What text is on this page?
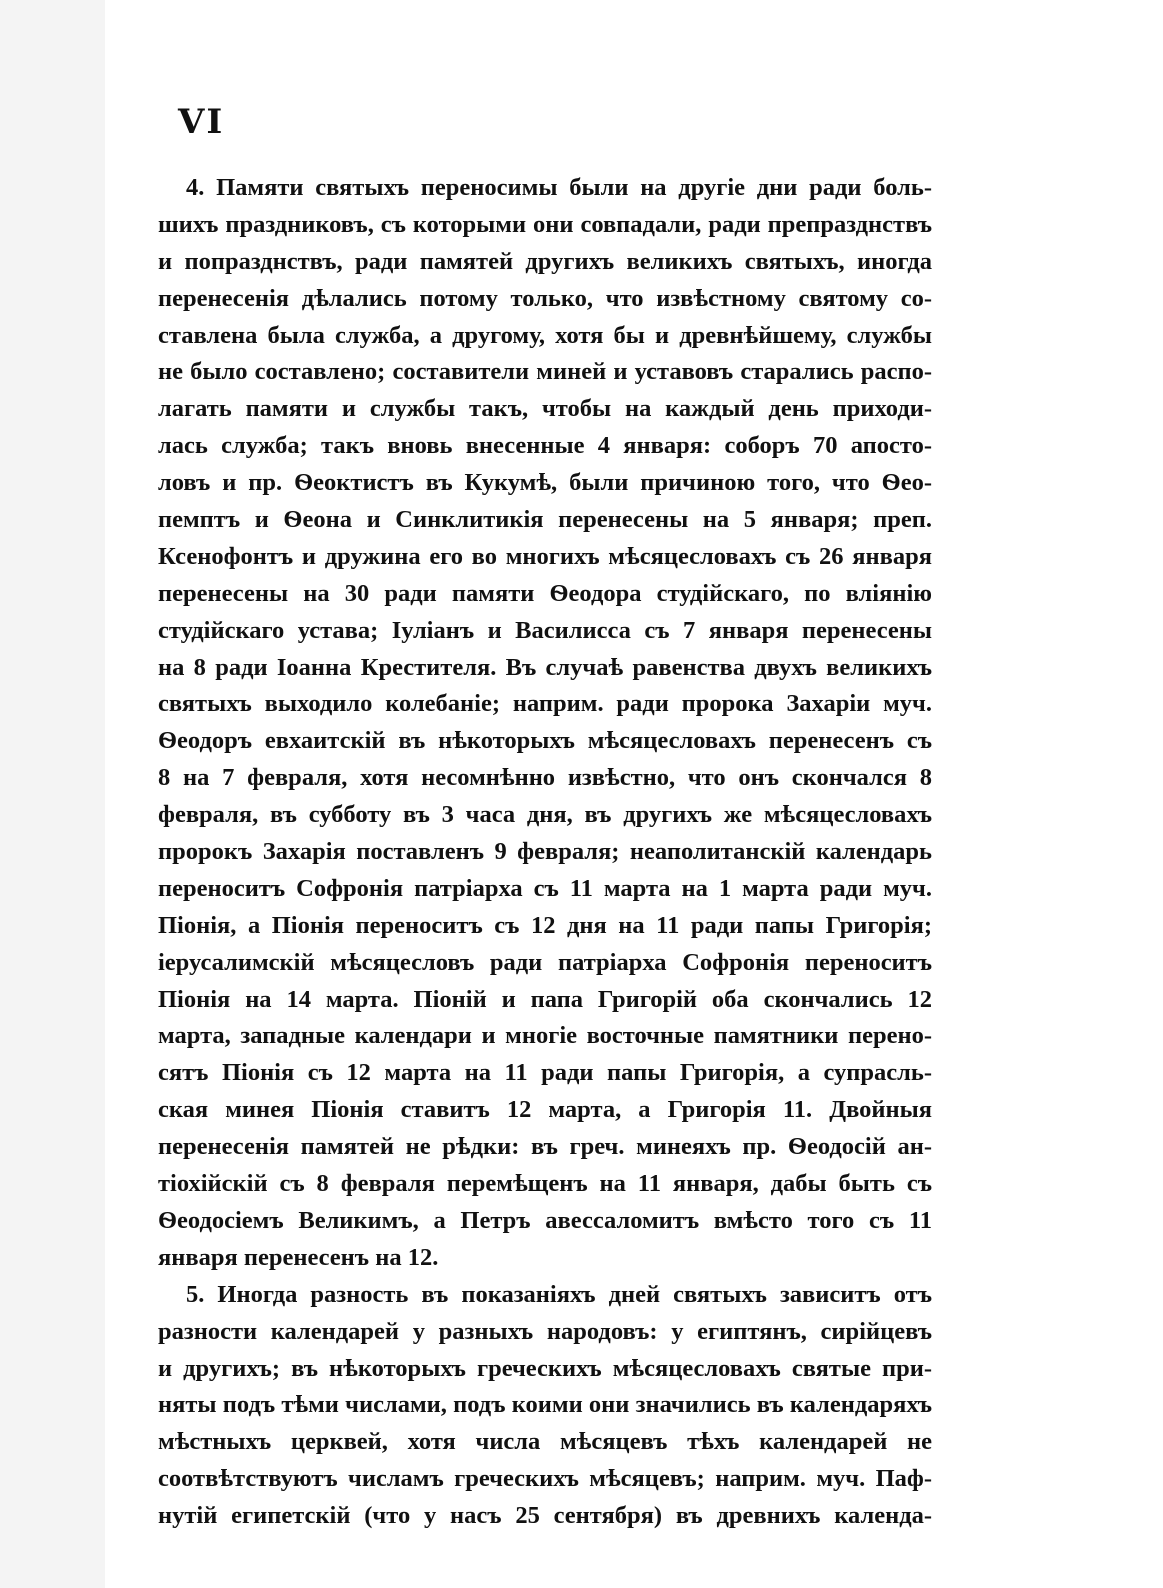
VI
4. Памяти святыхъ переносимы были на другіе дни ради боль-
шихъ праздниковъ, съ которыми они совпадали, ради препразднствъ
и попразднствъ, ради памятей другихъ великихъ святыхъ, иногда
перенесенія дѣлались потому только, что извѣстному святому со-
ставлена была служба, а другому, хотя бы и древнѣйшему, службы
не было составлено; составители миней и уставовъ старались распо-
лагать памяти и службы такъ, чтобы на каждый день приходи-
лась служба; такъ вновь внесенные 4 января: соборъ 70 апосто-
ловъ и пр. Ѳеоктистъ въ Кукумѣ, были причиною того, что Ѳео-
пемптъ и Ѳеона и Синклитикія перенесены на 5 января; преп.
Ксенофонтъ и дружина его во многихъ мѣсяцесловахъ съ 26 января
перенесены на 30 ради памяти Ѳеодора студійскаго, по вліянію
студійскаго устава; Іуліанъ и Василисса съ 7 января перенесены
на 8 ради Іоанна Крестителя. Въ случаѣ равенства двухъ великихъ
святыхъ выходило колебаніе; наприм. ради пророка Захаріи муч.
Ѳеодоръ евхаитскій въ нѣкоторыхъ мѣсяцесловахъ перенесенъ съ
8 на 7 февраля, хотя несомнѣнно извѣстно, что онъ скончался 8
февраля, въ субботу въ 3 часа дня, въ другихъ же мѣсяцесловахъ
пророкъ Захарія поставленъ 9 февраля; неаполитанскій календарь
переноситъ Софронія патріарха съ 11 марта на 1 марта ради муч.
Піонія, а Піонія переноситъ съ 12 дня на 11 ради папы Григорія;
іерусалимскій мѣсяцесловъ ради патріарха Софронія переноситъ
Піонія на 14 марта. Піоній и папа Григорій оба скончались 12
марта, западные календари и многіе восточные памятники перено-
сятъ Піонія съ 12 марта на 11 ради папы Григорія, а супрасль-
ская минея Піонія ставитъ 12 марта, а Григорія 11. Двойныя
перенесенія памятей не рѣдки: въ греч. минеяхъ пр. Ѳеодосій ан-
тіохійскій съ 8 февраля перемѣщенъ на 11 января, дабы быть съ
Ѳеодосіемъ Великимъ, а Петръ авессаломитъ вмѣсто того съ 11
января перенесенъ на 12.
5. Иногда разность въ показаніяхъ дней святыхъ зависитъ отъ
разности календарей у разныхъ народовъ: у египтянъ, сирійцевъ
и другихъ; въ нѣкоторыхъ греческихъ мѣсяцесловахъ святые при-
няты подъ тѣми числами, подъ коими они значились въ календаряхъ
мѣстныхъ церквей, хотя числа мѣсяцевъ тѣхъ календарей не
соотвѣтствуютъ числамъ греческихъ мѣсяцевъ; наприм. муч. Паф-
нутій египетскій (что у насъ 25 сентября) въ древнихъ календа-
